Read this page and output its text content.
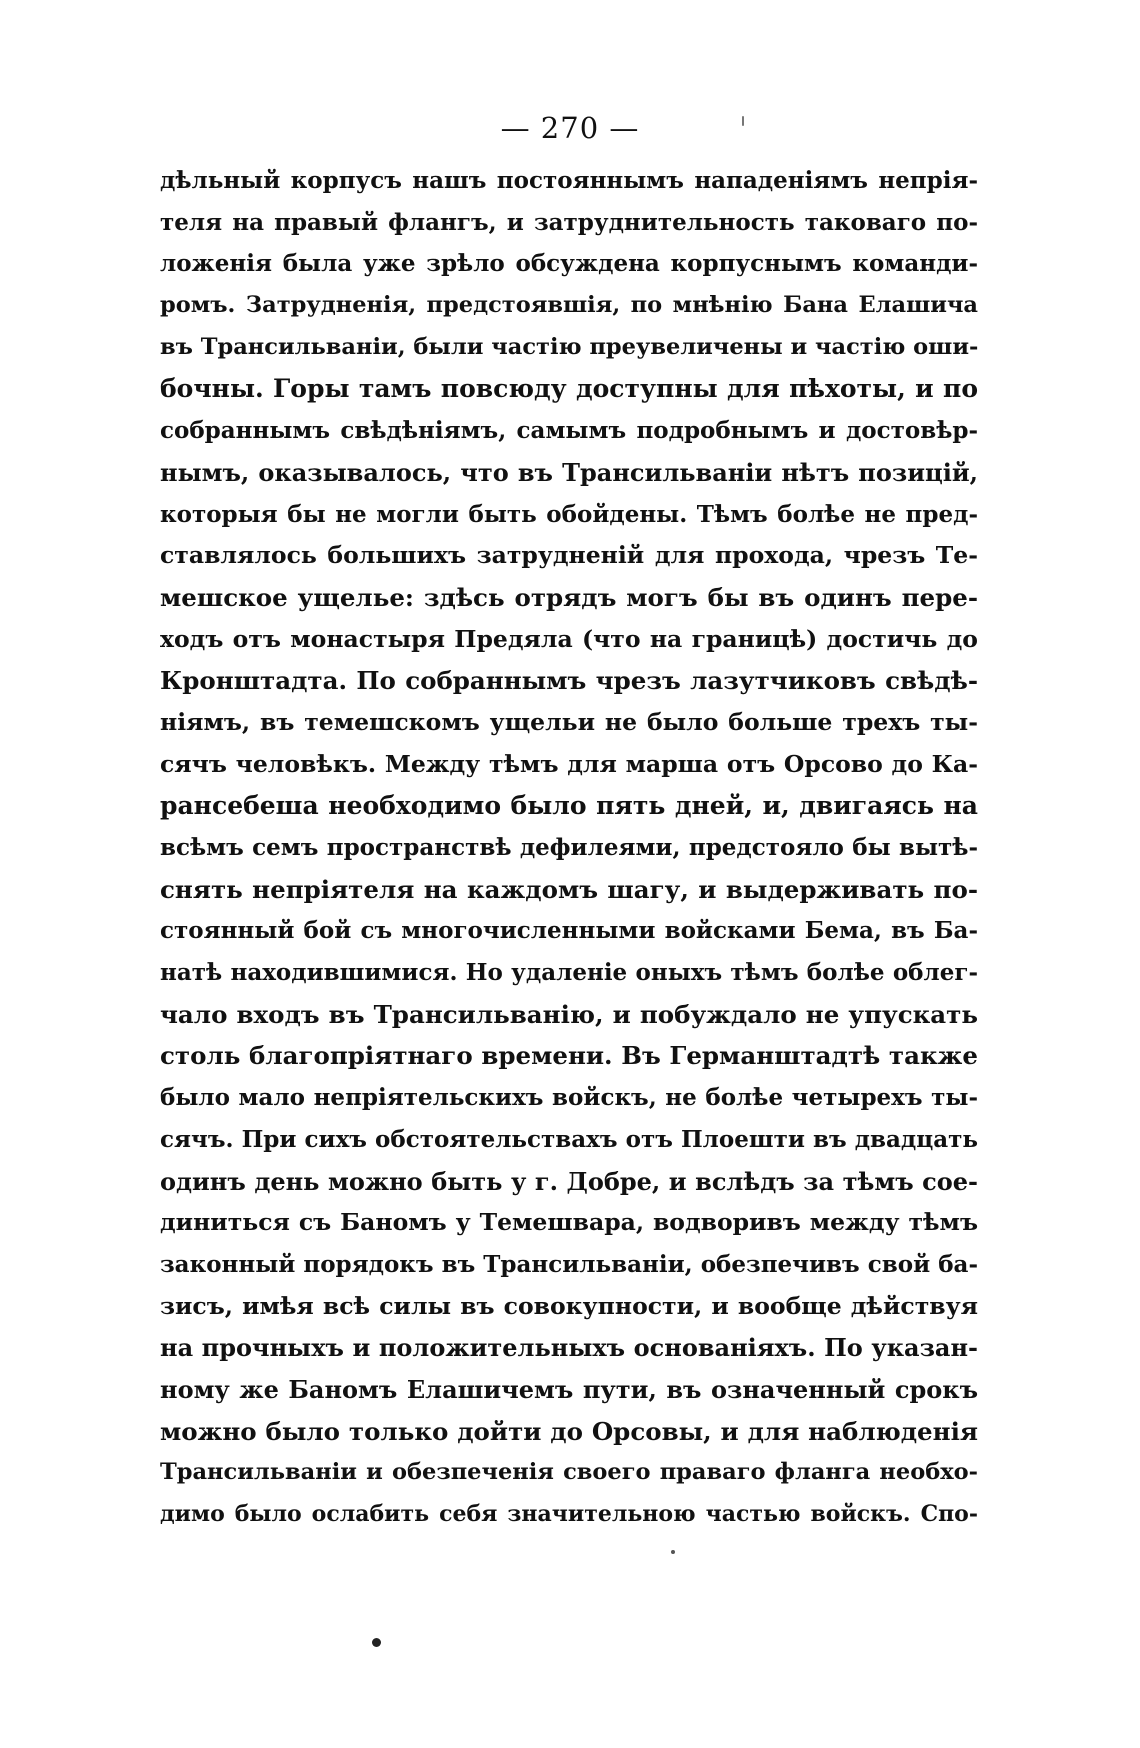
— 270 —
дѣльный корпусъ нашъ постояннымъ нападеніямъ непрія-
теля на правый флангъ, и затруднительность таковаго по-
ложенія была уже зрѣло обсуждена корпуснымъ команди-
ромъ. Затрудненія, предстоявшія, по мнѣнію Бана Елашича
въ Трансильваніи, были частію преувеличены и частію оши-
бочны. Горы тамъ повсюду доступны для пѣхоты, и по
собраннымъ свѣдѣніямъ, самымъ подробнымъ и достовѣр-
нымъ, оказывалось, что въ Трансильваніи нѣтъ позицій,
которыя бы не могли быть обойдены. Тѣмъ болѣе не пред-
ставлялось большихъ затрудненій для прохода, чрезъ Те-
мешское ущелье: здѣсь отрядъ могъ бы въ одинъ пере-
ходъ отъ монастыря Предяла (что на границѣ) достичь до
Кронштадта. По собраннымъ чрезъ лазутчиковъ свѣдѣ-
ніямъ, въ темешскомъ ущельи не было больше трехъ ты-
сячъ человѣкъ. Между тѣмъ для марша отъ Орсово до Ка-
рансебеша необходимо было пять дней, и, двигаясь на
всѣмъ семъ пространствѣ дефилеями, предстояло бы вытѣ-
снять непріятеля на каждомъ шагу, и выдерживать по-
стоянный бой съ многочисленными войсками Бема, въ Ба-
натѣ находившимися. Но удаленіе оныхъ тѣмъ болѣе облег-
чало входъ въ Трансильванію, и побуждало не упускать
столь благопріятнаго времени. Въ Германштадтѣ также
было мало непріятельскихъ войскъ, не болѣе четырехъ ты-
сячъ. При сихъ обстоятельствахъ отъ Плоешти въ двадцать
одинъ день можно быть у г. Добре, и вслѣдъ за тѣмъ сое-
диниться съ Баномъ у Темешвара, водворивъ между тѣмъ
законный порядокъ въ Трансильваніи, обезпечивъ свой ба-
зисъ, имѣя всѣ силы въ совокупности, и вообще дѣйствуя
на прочныхъ и положительныхъ основаніяхъ. По указан-
ному же Баномъ Елашичемъ пути, въ означенный срокъ
можно было только дойти до Орсовы, и для наблюденія
Трансильваніи и обезпеченія своего праваго фланга необхо-
димо было ослабить себя значительною частью войскъ. Спо-
